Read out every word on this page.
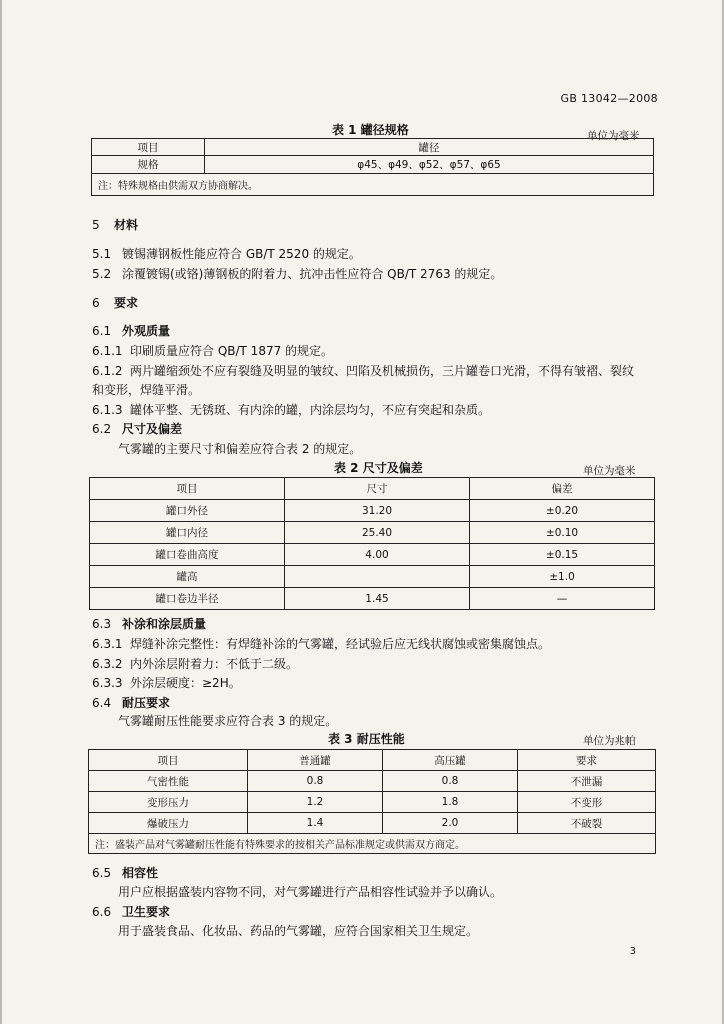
GB 13042—2008
表 1 罐径规格	单位为毫米
项目	罐径
规格	φ45、φ49、φ52、φ57、φ65
注：特殊规格由供需双方协商解决。	
5 材料
5.1 镀锡薄钢板性能应符合 GB/T 2520 的规定。
5.2 涂覆镀锡(或铬)薄钢板的附着力、抗冲击性应符合 QB/T 2763 的规定。
6 要求
6.1 外观质量
6.1.1 印刷质量应符合 QB/T 1877 的规定。
6.1.2 两片罐缩颈处不应有裂缝及明显的皱纹、凹陷及机械损伤，三片罐卷口光滑，不得有皱褶、裂纹
和变形，焊缝平滑。
6.1.3 罐体平整、无锈斑、有内涂的罐，内涂层均匀，不应有突起和杂质。
6.2 尺寸及偏差
气雾罐的主要尺寸和偏差应符合表 2 的规定。
表 2 尺寸及偏差	单位为毫米
项目	尺寸	偏差
罐口外径	31.20	±0.20
罐口内径	25.40	±0.10
罐口卷曲高度	4.00	±0.15
罐高		±1.0
罐口卷边半径	1.45	—
6.3 补涂和涂层质量
6.3.1 焊缝补涂完整性：有焊缝补涂的气雾罐，经试验后应无线状腐蚀或密集腐蚀点。
6.3.2 内外涂层附着力：不低于二级。
6.3.3 外涂层硬度：≥2H。
6.4 耐压要求
气雾罐耐压性能要求应符合表 3 的规定。
表 3 耐压性能	单位为兆帕
项目	普通罐	高压罐	要求
气密性能	0.8	0.8	不泄漏
变形压力	1.2	1.8	不变形
爆破压力	1.4	2.0	不破裂
注：盛装产品对气雾罐耐压性能有特殊要求的按相关产品标准规定或供需双方商定。			
6.5 相容性
用户应根据盛装内容物不同，对气雾罐进行产品相容性试验并予以确认。
6.6 卫生要求
用于盛装食品、化妆品、药品的气雾罐，应符合国家相关卫生规定。
3
